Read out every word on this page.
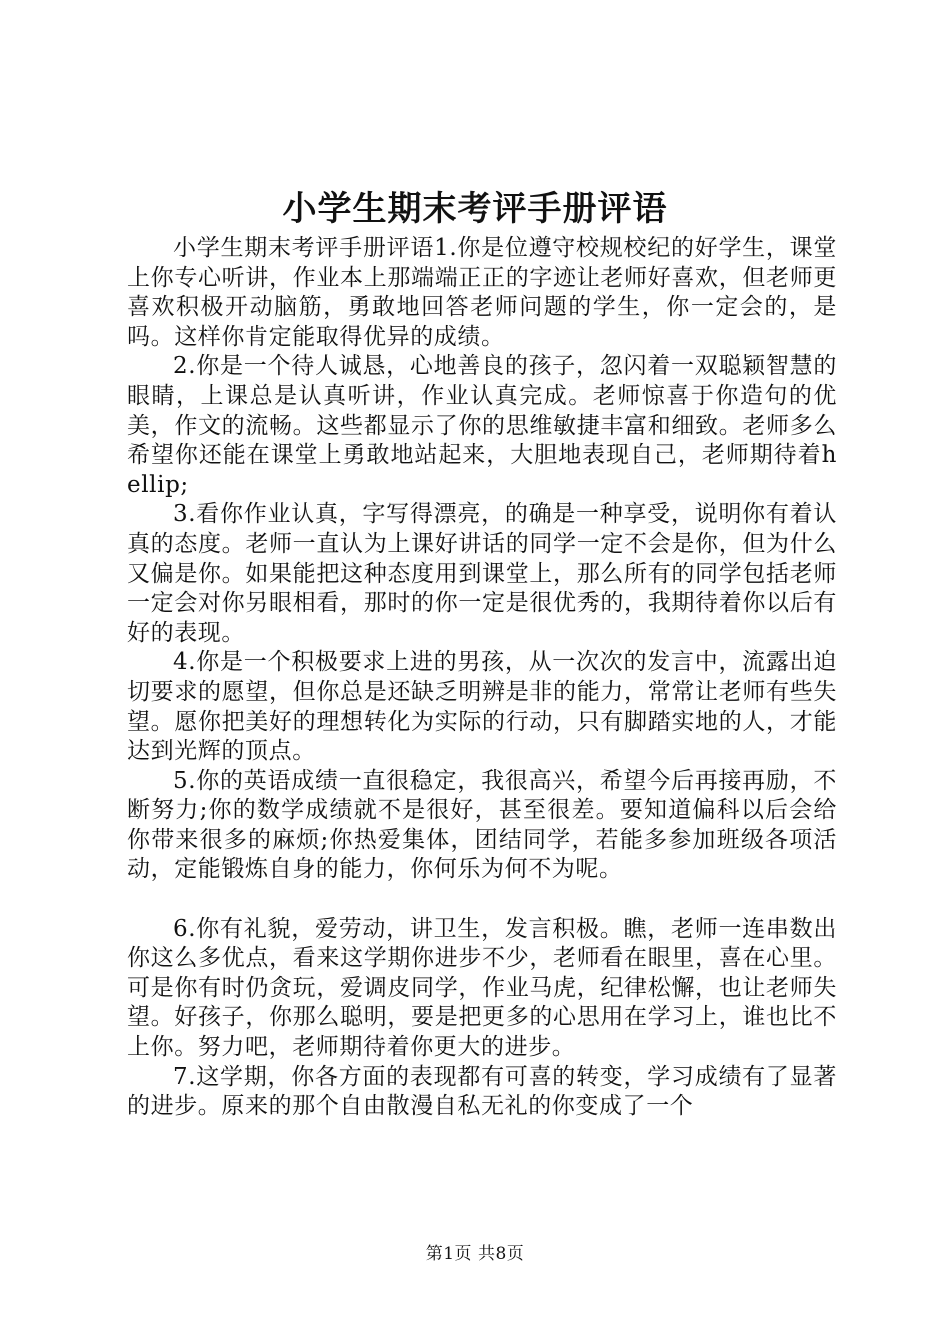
小学生期末考评手册评语

小学生期末考评手册评语1.你是位遵守校规校纪的好学生，课堂上你专心听讲，作业本上那端端正正的字迹让老师好喜欢，但老师更喜欢积极开动脑筋，勇敢地回答老师问题的学生，你一定会的，是吗。这样你肯定能取得优异的成绩。

2.你是一个待人诚恳，心地善良的孩子，忽闪着一双聪颖智慧的眼睛，上课总是认真听讲，作业认真完成。老师惊喜于你造句的优美，作文的流畅。这些都显示了你的思维敏捷丰富和细致。老师多么希望你还能在课堂上勇敢地站起来，大胆地表现自己，老师期待着hellip;

3.看你作业认真，字写得漂亮，的确是一种享受，说明你有着认真的态度。老师一直认为上课好讲话的同学一定不会是你，但为什么又偏是你。如果能把这种态度用到课堂上，那么所有的同学包括老师一定会对你另眼相看，那时的你一定是很优秀的，我期待着你以后有好的表现。

4.你是一个积极要求上进的男孩，从一次次的发言中，流露出迫切要求的愿望，但你总是还缺乏明辨是非的能力，常常让老师有些失望。愿你把美好的理想转化为实际的行动，只有脚踏实地的人，才能达到光辉的顶点。

5.你的英语成绩一直很稳定，我很高兴，希望今后再接再励，不断努力;你的数学成绩就不是很好，甚至很差。要知道偏科以后会给你带来很多的麻烦;你热爱集体，团结同学，若能多参加班级各项活动，定能锻炼自身的能力，你何乐为何不为呢。

6.你有礼貌，爱劳动，讲卫生，发言积极。瞧，老师一连串数出你这么多优点，看来这学期你进步不少，老师看在眼里，喜在心里。可是你有时仍贪玩，爱调皮同学，作业马虎，纪律松懈，也让老师失望。好孩子，你那么聪明，要是把更多的心思用在学习上，谁也比不上你。努力吧，老师期待着你更大的进步。

7.这学期，你各方面的表现都有可喜的转变，学习成绩有了显著的进步。原来的那个自由散漫自私无礼的你变成了一个

第1页 共8页
